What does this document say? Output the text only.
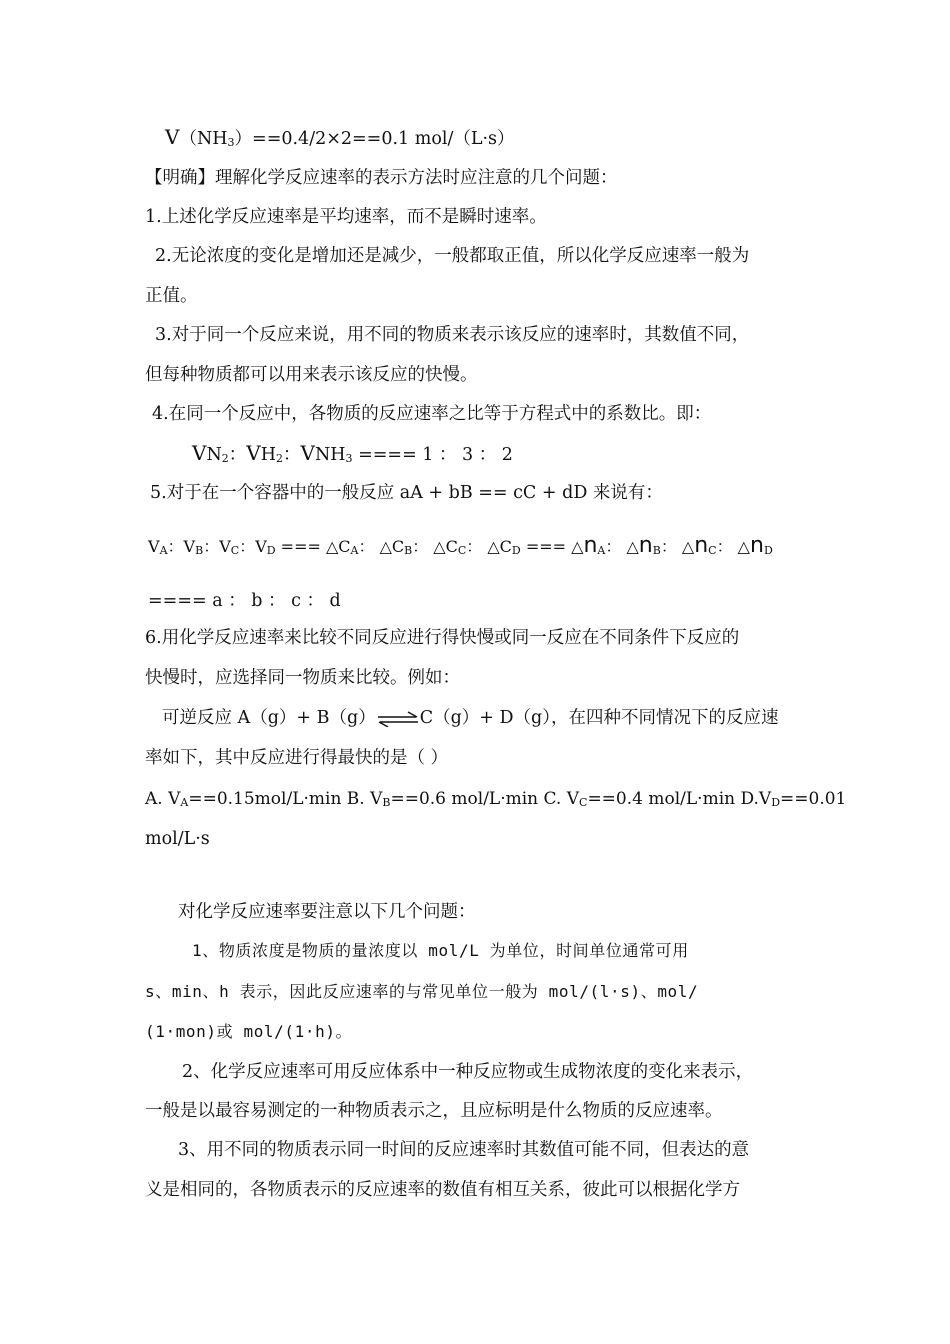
V（NH3）==0.4/2×2==0.1 mol/（L·s）
【明确】理解化学反应速率的表示方法时应注意的几个问题：
1.上述化学反应速率是平均速率，而不是瞬时速率。
2.无论浓度的变化是增加还是减少，一般都取正值，所以化学反应速率一般为
正值。
3.对于同一个反应来说，用不同的物质来表示该反应的速率时，其数值不同，
但每种物质都可以用来表示该反应的快慢。
4.在同一个反应中，各物质的反应速率之比等于方程式中的系数比。即：
VN2：VH2：VNH3 ==== 1 ： 3 ： 2
5.对于在一个容器中的一般反应 aA + bB == cC + dD 来说有：
VA：VB：VC：VD === △CA： △CB： △CC： △CD === △nA： △nB： △nC： △nD
==== a ： b ： c ： d
6.用化学反应速率来比较不同反应进行得快慢或同一反应在不同条件下反应的
快慢时，应选择同一物质来比较。例如：
可逆反应 A（g）+ B（g）⇌C（g）+ D（g），在四种不同情况下的反应速
率如下，其中反应进行得最快的是（ ）
A. VA==0.15mol/L·min B. VB==0.6 mol/L·min C. VC==0.4 mol/L·min D.VD==0.01
mol/L·s
对化学反应速率要注意以下几个问题：
1、物质浓度是物质的量浓度以 mol/L 为单位，时间单位通常可用
s、min、h 表示，因此反应速率的与常见单位一般为 mol/(l·s)、mol/
(1·mon)或 mol/(1·h)。
2、化学反应速率可用反应体系中一种反应物或生成物浓度的变化来表示，
一般是以最容易测定的一种物质表示之，且应标明是什么物质的反应速率。
3、用不同的物质表示同一时间的反应速率时其数值可能不同，但表达的意
义是相同的，各物质表示的反应速率的数值有相互关系，彼此可以根据化学方
